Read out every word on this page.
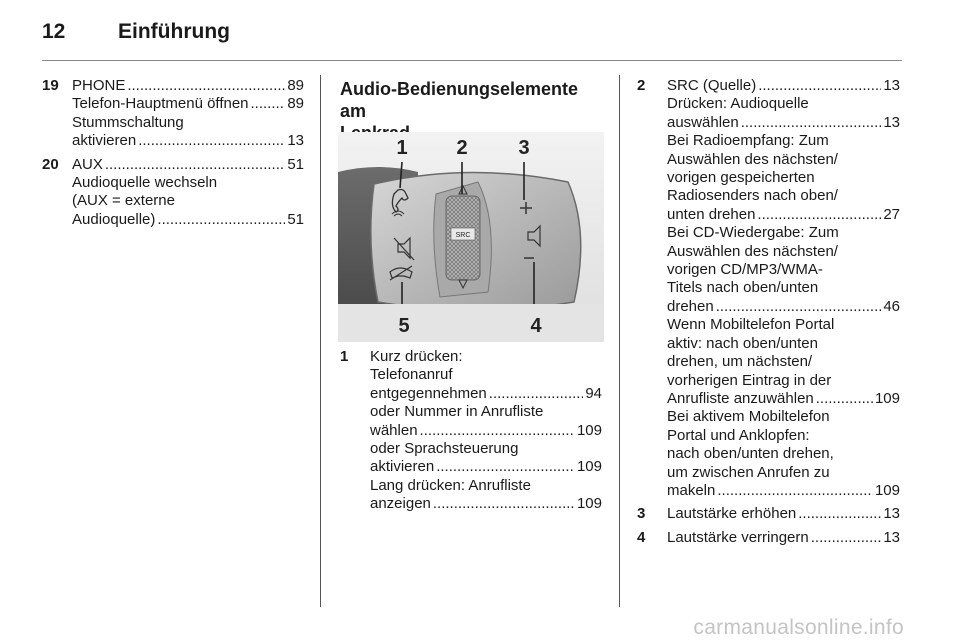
12	Einführung
19 PHONE .....	89
Telefon-Hauptmenü öffnen .....	89
Stummschaltung
aktivieren .....	13
20 AUX .....	51
Audioquelle wechseln
(AUX = externe
Audioquelle) .....	51
Audio-Bedienungselemente am
SRC
1 2	3
4
5
1	Kurz drücken:
Telefonanruf
entgegennehmen .....	94
oder Nummer in Anrufliste
wählen .....	109
oder Sprachsteuerung
aktivieren .....	109
Lang drücken: Anrufliste
anzeigen .....	109
2	SRC (Quelle) .....	13
Drücken: Audioquelle
auswählen .....	13
Bei Radioempfang: Zum
Auswählen des nächsten/
vorigen gespeicherten
Radiosenders nach oben/
unten drehen .....	27
Bei CD-Wiedergabe: Zum
Auswählen des nächsten/
vorigen CD/MP3/WMA-
Titels nach oben/unten
drehen .....	46
Wenn Mobiltelefon Portal
aktiv: nach oben/unten
drehen, um nächsten/
vorherigen Eintrag in der
Anrufliste anzuwählen .....	109
Bei aktivem Mobiltelefon
Portal und Anklopfen:
nach oben/unten drehen,
um zwischen Anrufen zu
makeln .....	109
3	Lautstärke erhöhen .....	13
4	Lautstärke verringern .....	13
carmanualsonline.info
